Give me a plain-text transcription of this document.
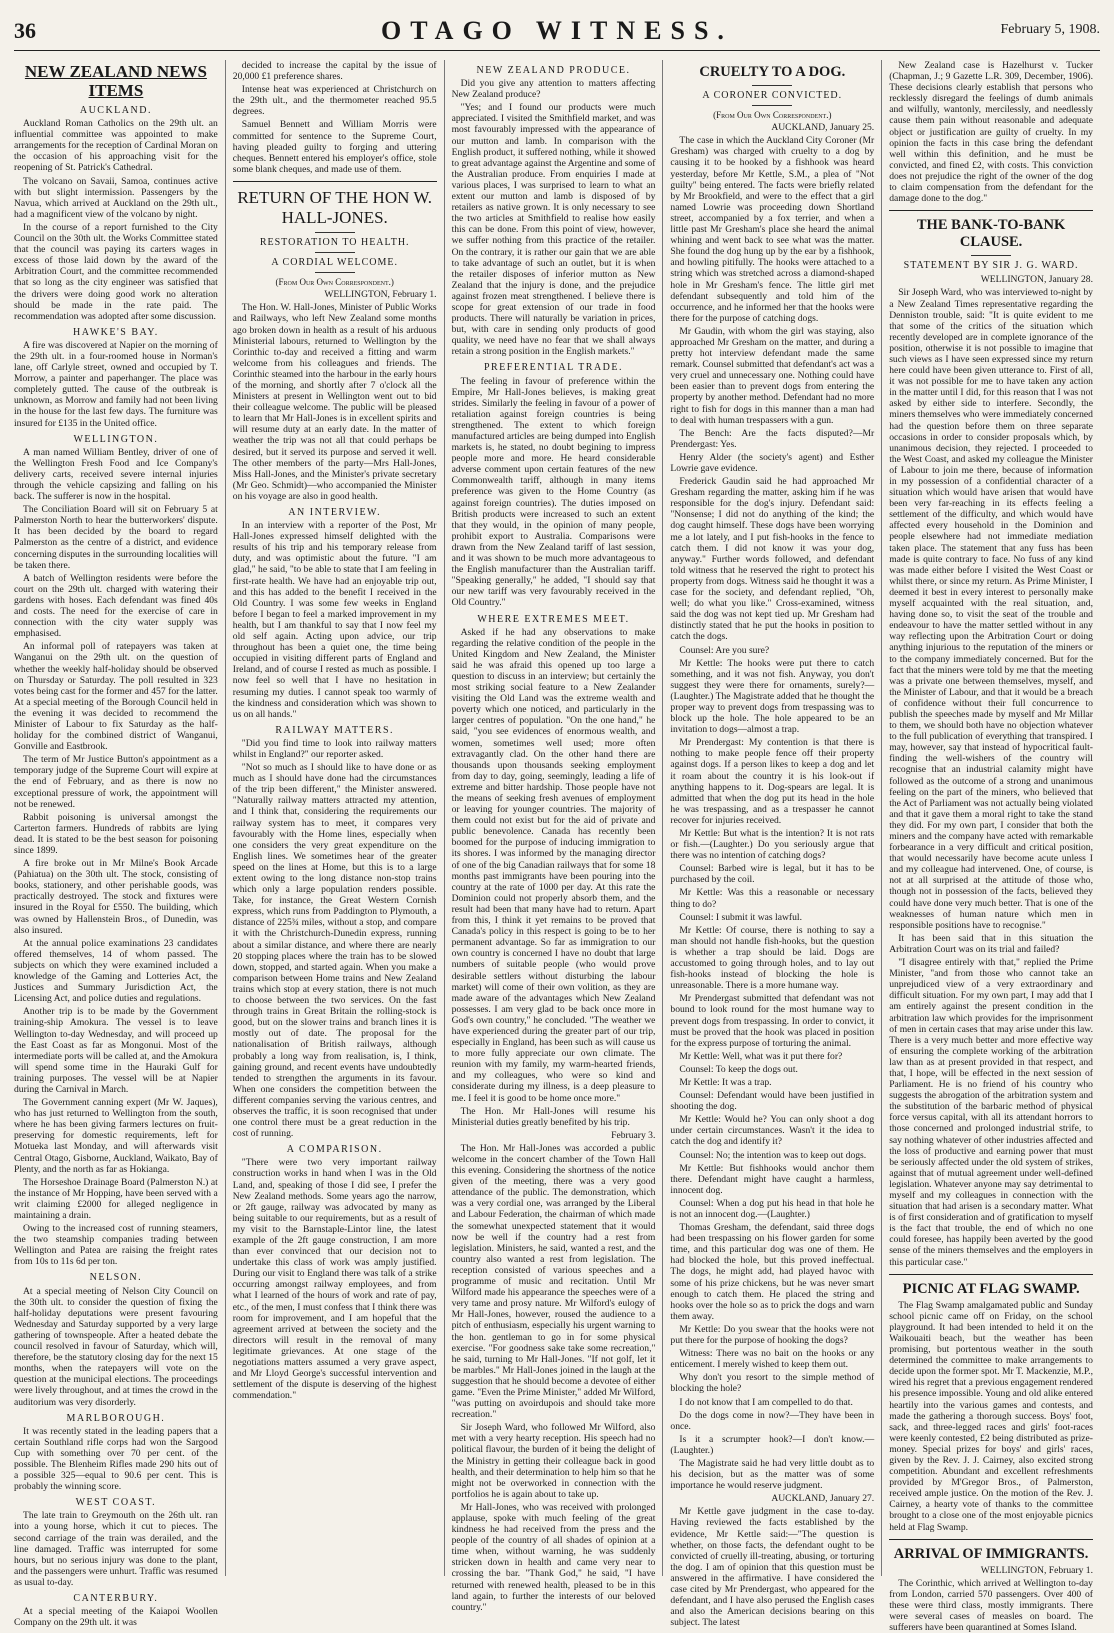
36	OTAGO WITNESS.	February 5, 1908.
NEW ZEALAND NEWS ITEMS
AUCKLAND.

Auckland Roman Catholics on the 29th ult. an influential committee was appointed to make arrangements for the reception of Cardinal Moran on the occasion of his approaching visit for the reopening of St. Patrick's Cathedral.

The volcano on Savaii, Samoa, continues active with but slight intermission. Passengers by the Navua, which arrived at Auckland on the 29th ult., had a magnificent view of the volcano by night.

In the course of a report furnished to the City Council on the 30th ult. the Works Committee stated that the council was paying its carters wages in excess of those laid down by the award of the Arbitration Court, and the committee recommended that so long as the city engineer was satisfied that the drivers were doing good work no alteration should be made in the rate paid. The recommendation was adopted after some discussion.

HAWKE'S BAY.

A fire was discovered at Napier on the morning of the 29th ult. in a four-roomed house in Norman's lane, off Carlyle street, owned and occupied by T. Morrow, a painter and paperhanger. The place was completely gutted. The cause of the outbreak is unknown, as Morrow and family had not been living in the house for the last few days. The furniture was insured for £135 in the United office.

WELLINGTON.

A man named William Bentley, driver of one of the Wellington Fresh Food and Ice Company's delivery carts, received severe internal injuries through the vehicle capsizing and falling on his back. The sufferer is now in the hospital.

The Conciliation Board will sit on February 5 at Palmerston North to hear the butterworkers' dispute. It has been decided by the board to regard Palmerston as the centre of a district, and evidence concerning disputes in the surrounding localities will be taken there.

A batch of Wellington residents were before the court on the 29th ult. charged with watering their gardens with hoses. Each defendant was fined 40s and costs. The need for the exercise of care in connection with the city water supply was emphasised.

An informal poll of ratepayers was taken at Wanganui on the 29th ult. on the question of whether the weekly half-holiday should be observed on Thursday or Saturday. The poll resulted in 323 votes being cast for the former and 457 for the latter. At a special meeting of the Borough Council held in the evening it was decided to recommend the Minister of Labour to fix Saturday as the half-holiday for the combined district of Wanganui, Gonville and Eastbrook.

The term of Mr Justice Button's appointment as a temporary judge of the Supreme Court will expire at the end of February, and as there is now no exceptional pressure of work, the appointment will not be renewed.

Rabbit poisoning is universal amongst the Carterton farmers. Hundreds of rabbits are lying dead. It is stated to be the best season for poisoning since 1899.

A fire broke out in Mr Milne's Book Arcade (Pahiatua) on the 30th ult. The stock, consisting of books, stationery, and other perishable goods, was practically destroyed. The stock and fixtures were insured in the Royal for £550. The building, which was owned by Hallenstein Bros., of Dunedin, was also insured.

At the annual police examinations 23 candidates offered themselves, 14 of whom passed. The subjects on which they were examined included a knowledge of the Gaming and Lotteries Act, the Justices and Summary Jurisdiction Act, the Licensing Act, and police duties and regulations.

Another trip is to be made by the Government training-ship Amokura. The vessel is to leave Wellington to-day Wednesday, and will proceed up the East Coast as far as Mongonui. Most of the intermediate ports will be called at, and the Amokura will spend some time in the Hauraki Gulf for training purposes. The vessel will be at Napier during the Carnival in March.

The Government canning expert (Mr W. Jaques), who has just returned to Wellington from the south, where he has been giving farmers lectures on fruit-preserving for domestic requirements, left for Motueka last Monday, and will afterwards visit Central Otago, Gisborne, Auckland, Waikato, Bay of Plenty, and the north as far as Hokianga.

The Horseshoe Drainage Board (Palmerston N.) at the instance of Mr Hopping, have been served with a writ claiming £2000 for alleged negligence in maintaining a drain.

Owing to the increased cost of running steamers, the two steamship companies trading between Wellington and Patea are raising the freight rates from 10s to 11s 6d per ton.

NELSON.

At a special meeting of Nelson City Council on the 30th ult. to consider the question of fixing the half-holiday deputations were present favouring Wednesday and Saturday supported by a very large gathering of townspeople. After a heated debate the council resolved in favour of Saturday, which will, therefore, be the statutory closing day for the next 15 months, when the ratepayers will vote on the question at the municipal elections. The proceedings were lively throughout, and at times the crowd in the auditorium was very disorderly.

MARLBOROUGH.

It was recently stated in the leading papers that a certain Southland rifle corps had won the Sargood Cup with something over 70 per cent. of the possible. The Blenheim Rifles made 290 hits out of a possible 325—equal to 90.6 per cent. This is probably the winning score.

WEST COAST.

The late train to Greymouth on the 26th ult. ran into a young horse, which it cut to pieces. The second carriage of the train was derailed, and the line damaged. Traffic was interrupted for some hours, but no serious injury was done to the plant, and the passengers were unhurt. Traffic was resumed as usual to-day.

CANTERBURY.

At a special meeting of the Kaiapoi Woollen Company on the 29th ult. it was

decided to increase the capital by the issue of 20,000 £1 preference shares.

Intense heat was experienced at Christchurch on the 29th ult., and the thermometer reached 95.5 degrees.

Samuel Bennett and William Morris were committed for sentence to the Supreme Court, having pleaded guilty to forging and uttering cheques. Bennett entered his employer's office, stole some blank cheques, and made use of them.

RETURN OF THE HON W. HALL-JONES.
RESTORATION TO HEALTH.
A CORDIAL WELCOME.
(From Our Own Correspondent.)
WELLINGTON, February 1.

The Hon. W. Hall-Jones, Minister of Public Works and Railways, who left New Zealand some months ago broken down in health as a result of his arduous Ministerial labours, returned to Wellington by the Corinthic to-day and received a fitting and warm welcome from his colleagues and friends. The Corinthic steamed into the harbour in the early hours of the morning, and shortly after 7 o'clock all the Ministers at present in Wellington went out to bid their colleague welcome. The public will be pleased to learn that Mr Hall-Jones is in excellent spirits and will resume duty at an early date. In the matter of weather the trip was not all that could perhaps be desired, but it served its purpose and served it well. The other members of the party—Mrs Hall-Jones, Miss Hall-Jones, and the Minister's private secretary (Mr Geo. Schmidt)—who accompanied the Minister on his voyage are also in good health.

AN INTERVIEW.

In an interview with a reporter of the Post, Mr Hall-Jones expressed himself delighted with the results of his trip and his temporary release from duty, and was optimistic about the future. "I am glad," he said, "to be able to state that I am feeling in first-rate health. We have had an enjoyable trip out, and this has added to the benefit I received in the Old Country. I was some few weeks in England before I began to feel a marked improvement in my health, but I am thankful to say that I now feel my old self again. Acting upon advice, our trip throughout has been a quiet one, the time being occupied in visiting different parts of England and Ireland, and of course I rested as much as possible. I now feel so well that I have no hesitation in resuming my duties. I cannot speak too warmly of the kindness and consideration which was shown to us on all hands."

RAILWAY MATTERS.

"Did you find time to look into railway matters whilst in England?" our reporter asked.

"Not so much as I should like to have done or as much as I should have done had the circumstances of the trip been different," the Minister answered. "Naturally railway matters attracted my attention, and I think that, considering the requirements our railway system has to meet, it compares very favourably with the Home lines, especially when one considers the very great expenditure on the English lines. We sometimes hear of the greater speed on the lines at Home, but this is to a large extent owing to the long distance non-stop trains which only a large population renders possible. Take, for instance, the Great Western Cornish express, which runs from Paddington to Plymouth, a distance of 225¾ miles, without a stop, and compare it with the Christchurch-Dunedin express, running about a similar distance, and where there are nearly 20 stopping places where the train has to be slowed down, stopped, and started again. When you make a comparison between Home trains and New Zealand trains which stop at every station, there is not much to choose between the two services. On the fast through trains in Great Britain the rolling-stock is good, but on the slower trains and branch lines it is mostly out of date. The proposal for the nationalisation of British railways, although probably a long way from realisation, is, I think, gaining ground, and recent events have undoubtedly tended to strengthen the arguments in its favour. When one considers the competition between the different companies serving the various centres, and observes the traffic, it is soon recognised that under one control there must be a great reduction in the cost of running.

A COMPARISON.

"There were two very important railway construction works in hand when I was in the Old Land, and, speaking of those I did see, I prefer the New Zealand methods. Some years ago the narrow, or 2ft gauge, railway was advocated by many as being suitable to our requirements, but as a result of my visit to the Barnstaple-Lintor line, the latest example of the 2ft gauge construction, I am more than ever convinced that our decision not to undertake this class of work was amply justified. During our visit to England there was talk of a strike occurring amongst railway employees, and from what I learned of the hours of work and rate of pay, etc., of the men, I must confess that I think there was room for improvement, and I am hopeful that the agreement arrived at between the society and the directors will result in the removal of many legitimate grievances. At one stage of the negotiations matters assumed a very grave aspect, and Mr Lloyd George's successful intervention and settlement of the dispute is deserving of the highest commendation."

NEW ZEALAND PRODUCE.

Did you give any attention to matters affecting New Zealand produce?

"Yes; and I found our products were much appreciated. I visited the Smithfield market, and was most favourably impressed with the appearance of our mutton and lamb. In comparison with the English product, it suffered nothing, while it showed to great advantage against the Argentine and some of the Australian produce. From enquiries I made at various places, I was surprised to learn to what an extent our mutton and lamb is disposed of by retailers as native grown. It is only necessary to see the two articles at Smithfield to realise how easily this can be done. From this point of view, however, we suffer nothing from this practice of the retailer. On the contrary, it is rather our gain that we are able to take advantage of such an outlet, but it is when the retailer disposes of inferior mutton as New Zealand that the injury is done, and the prejudice against frozen meat strengthened. I believe there is scope for great extension of our trade in food products. There will naturally be variation in prices, but, with care in sending only products of good quality, we need have no fear that we shall always retain a strong position in the English markets."

PREFERENTIAL TRADE.

The feeling in favour of preference within the Empire, Mr Hall-Jones believes, is making great strides. Similarly the feeling in favour of a power of retaliation against foreign countries is being strengthened. The extent to which foreign manufactured articles are being dumped into English markets is, he stated, no doubt begining to impress people more and more. He heard considerable adverse comment upon certain features of the new Commonwealth tariff, although in many items preference was given to the Home Country (as against foreign countries). The duties imposed on British products were increased to such an extent that they would, in the opinion of many people, prohibit export to Australia. Comparisons were drawn from the New Zealand tariff of last session, and it was shown to be much more advantageous to the English manufacturer than the Australian tariff. "Speaking generally," he added, "I should say that our new tariff was very favourably received in the Old Country."

WHERE EXTREMES MEET.

Asked if he had any observations to make regarding the relative condition of the people in the United Kingdom and New Zealand, the Minister said he was afraid this opened up too large a question to discuss in an interview; but certainly the most striking social feature to a New Zealander visiting the Old Land was the extreme wealth and poverty which one noticed, and particularly in the larger centres of population. "On the one hand," he said, "you see evidences of enormous wealth, and women, sometimes well used; more often extravagantly clad. On the other hand there are thousands upon thousands seeking employment from day to day, going, seemingly, leading a life of extreme and bitter hardship. Those people have not the means of seeking fresh avenues of employment or leaving for younger countries. The majority of them could not exist but for the aid of private and public benevolence. Canada has recently been boomed for the purpose of inducing immigration to its shores. I was informed by the managing director of one of the big Canadian railways that for some 18 months past immigrants have been pouring into the country at the rate of 1000 per day. At this rate the Dominion could not properly absorb them, and the result had been that many have had to return. Apart from this, I think it yet remains to be proved that Canada's policy in this respect is going to be to her permanent advantage. So far as immigration to our own country is concerned I have no doubt that large numbers of suitable people (who would prove desirable settlers without disturbing the labour market) will come of their own volition, as they are made aware of the advantages which New Zealand possesses. I am very glad to be back once more in God's own country," he concluded. "The weather we have experienced during the greater part of our trip, especially in England, has been such as will cause us to more fully appreciate our own climate. The reunion with my family, my warm-hearted friends, and my colleagues, who were so kind and considerate during my illness, is a deep pleasure to me. I feel it is good to be home once more."

The Hon. Mr Hall-Jones will resume his Ministerial duties greatly benefited by his trip.

February 3.

The Hon. Mr Hall-Jones was accorded a public welcome in the concert chamber of the Town Hall this evening. Considering the shortness of the notice given of the meeting, there was a very good attendance of the public. The demonstration, which was a very cordial one, was arranged by the Liberal and Labour Federation, the chairman of which made the somewhat unexpected statement that it would now be well if the country had a rest from legislation. Ministers, he said, wanted a rest, and the country also wanted a rest from legislation. The reception consisted of various speeches and a programme of music and recitation. Until Mr Wilford made his appearance the speeches were of a very tame and prosy nature. Mr Wilford's eulogy of Mr Hall-Jones, however, roused the audience to a pitch of enthusiasm, especially his urgent warning to the hon. gentleman to go in for some physical exercise. "For goodness sake take some recreation," he said, turning to Mr Hall-Jones. "If not golf, let it be marbles." Mr Hall-Jones joined in the laugh at the suggestion that he should become a devotee of either game. "Even the Prime Minister," added Mr Wilford, "was putting on avoirdupois and should take more recreation."

Sir Joseph Ward, who followed Mr Wilford, also met with a very hearty reception. His speech had no political flavour, the burden of it being the delight of the Ministry in getting their colleague back in good health, and their determination to help him so that he might not be overworked in connection with the portfolios he is again about to take up.

Mr Hall-Jones, who was received with prolonged applause, spoke with much feeling of the great kindness he had received from the press and the people of the country of all shades of opinion at a time when, without warning, he was suddenly stricken down in health and came very near to crossing the bar. "Thank God," he said, "I have returned with renewed health, pleased to be in this land again, to further the interests of our beloved country."

CRUELTY TO A DOG.
A CORONER CONVICTED.
(From Our Own Correspondent.)
AUCKLAND, January 25.

The case in which the Auckland City Coroner (Mr Gresham) was charged with cruelty to a dog by causing it to be hooked by a fishhook was heard yesterday, before Mr Kettle, S.M., a plea of "Not guilty" being entered. The facts were briefly related by Mr Brookfield, and were to the effect that a girl named Lowrie was proceeding down Shortland street, accompanied by a fox terrier, and when a little past Mr Gresham's place she heard the animal whining and went back to see what was the matter. She found the dog hung up by the ear by a fishhook, and howling pitifully. The hooks were attached to a string which was stretched across a diamond-shaped hole in Mr Gresham's fence. The little girl met defendant subsequently and told him of the occurrence, and he informed her that the hooks were there for the purpose of catching dogs.

Mr Gaudin, with whom the girl was staying, also approached Mr Gresham on the matter, and during a pretty hot interview defendant made the same remark. Counsel submitted that defendant's act was a very cruel and unnecessary one. Nothing could have been easier than to prevent dogs from entering the property by another method. Defendant had no more right to fish for dogs in this manner than a man had to deal with human trespassers with a gun.

The Bench: Are the facts disputed?—Mr Prendergast: Yes.

Henry Alder (the society's agent) and Esther Lowrie gave evidence.

Frederick Gaudin said he had approached Mr Gresham regarding the matter, asking him if he was responsible for the dog's injury. Defendant said: "Nonsense; I did not do anything of the kind; the dog caught himself. These dogs have been worrying me a lot lately, and I put fish-hooks in the fence to catch them. I did not know it was your dog, anyway." Further words followed, and defendant told witness that he reserved the right to protect his property from dogs. Witness said he thought it was a case for the society, and defendant replied, "Oh, well; do what you like." Cross-examined, witness said the dog was not kept tied up. Mr Gresham had distinctly stated that he put the hooks in position to catch the dogs.

Counsel: Are you sure?

Mr Kettle: The hooks were put there to catch something, and it was not fish. Anyway, you don't suggest they were there for ornaments, surely?—(Laughter.) The Magistrate added that he thought the proper way to prevent dogs from trespassing was to block up the hole. The hole appeared to be an invitation to dogs—almost a trap.

Mr Prendergast: My contention is that there is nothing to make people fence off their property against dogs. If a person likes to keep a dog and let it roam about the country it is his look-out if anything happens to it. Dog-spears are legal. It is admitted that when the dog put its head in the hole he was trespassing, and as a trespasser he cannot recover for injuries received.

Mr Kettle: But what is the intention? It is not rats or fish.—(Laughter.) Do you seriously argue that there was no intention of catching dogs?

Counsel: Barbed wire is legal, but it has to be purchased by the coil.

Mr Kettle: Was this a reasonable or necessary thing to do?

Counsel: I submit it was lawful.

Mr Kettle: Of course, there is nothing to say a man should not handle fish-hooks, but the question is whether a trap should be laid. Dogs are accustomed to going through holes, and to lay out fish-hooks instead of blocking the hole is unreasonable. There is a more humane way.

Mr Prendergast submitted that defendant was not bound to look round for the most humane way to prevent dogs from trespassing. In order to convict, it must be proved that the hook was placed in position for the express purpose of torturing the animal.

Mr Kettle: Well, what was it put there for?

Counsel: To keep the dogs out.

Mr Kettle: It was a trap.

Counsel: Defendant would have been justified in shooting the dog.

Mr Kettle: Would he? You can only shoot a dog under certain circumstances. Wasn't it the idea to catch the dog and identify it?

Counsel: No; the intention was to keep out dogs.

Mr Kettle: But fishhooks would anchor them there. Defendant might have caught a harmless, innocent dog.

Counsel: When a dog put his head in that hole he is not an innocent dog.—(Laughter.)

Thomas Gresham, the defendant, said three dogs had been trespassing on his flower garden for some time, and this particular dog was one of them. He had blocked the hole, but this proved ineffectual. The dogs, he might add, had played havoc with some of his prize chickens, but he was never smart enough to catch them. He placed the string and hooks over the hole so as to prick the dogs and warn them away.

Mr Kettle: Do you swear that the hooks were not put there for the purpose of hooking the dogs?

Witness: There was no bait on the hooks or any enticement. I merely wished to keep them out.

Why don't you resort to the simple method of blocking the hole?

I do not know that I am compelled to do that.

Do the dogs come in now?—They have been in once.

Is it a scrumpter hook?—I don't know.—(Laughter.)

The Magistrate said he had very little doubt as to his decision, but as the matter was of some importance he would reserve judgment.

AUCKLAND, January 27.

Mr Kettle gave judgment in the case to-day. Having reviewed the facts established by the evidence, Mr Kettle said:—"The question is whether, on those facts, the defendant ought to be convicted of cruelly ill-treating, abusing, or torturing the dog. I am of opinion that this question must be answered in the affirmative. I have considered the case cited by Mr Prendergast, who appeared for the defendant, and I have also perused the English cases and also the American decisions bearing on this subject. The latest

New Zealand case is Hazelhurst v. Tucker (Chapman, J.; 9 Gazette L.R. 309, December, 1906). These decisions clearly establish that persons who recklessly disregard the feelings of dumb animals and wilfully, wantonly, mercilessly, and needlessly cause them pain without reasonable and adequate object or justification are guilty of cruelty. In my opinion the facts in this case bring the defendant well within this definition, and he must be convicted, and fined £2, with costs. This conviction does not prejudice the right of the owner of the dog to claim compensation from the defendant for the damage done to the dog."

THE BANK-TO-BANK CLAUSE.
STATEMENT BY SIR J. G. WARD.
WELLINGTON, January 28.

Sir Joseph Ward, who was interviewed to-night by a New Zealand Times representative regarding the Denniston trouble, said: "It is quite evident to me that some of the critics of the situation which recently developed are in complete ignorance of the position, otherwise it is not possible to imagine that such views as I have seen expressed since my return here could have been given utterance to. First of all, it was not possible for me to have taken any action in the matter until I did, for this reason that I was not asked by either side to interfere. Secondly, the miners themselves who were immediately concerned had the question before them on three separate occasions in order to consider proposals which, by unanimous decision, they rejected. I proceeded to the West Coast, and asked my colleague the Minister of Labour to join me there, because of information in my possession of a confidential character of a situation which would have arisen that would have been very far-reaching in its effects feeling a settlement of the difficulty, and which would have affected every household in the Dominion and people elsewhere had not immediate mediation taken place. The statement that any fuss has been made is quite contrary to face. No fuss of any kind was made either before I visited the West Coast or whilst there, or since my return. As Prime Minister, I deemed it best in every interest to personally make myself acquainted with the real situation, and, having done so, to visit the seat of the trouble and endeavour to have the matter settled without in any way reflecting upon the Arbitration Court or doing anything injurious to the reputation of the miners or to the company immediately concerned. But for the fact that the miners were told by me that the meeting was a private one between themselves, myself, and the Minister of Labour, and that it would be a breach of confidence without their full concurrence to publish the speeches made by myself and Mr Millar to them, we should both have no objection whatever to the full publication of everything that transpired. I may, however, say that instead of hypocritical fault-finding the well-wishers of the country will recognise that an industrial calamity might have followed as the outcome of a strong and unanimous feeling on the part of the miners, who believed that the Act of Parliament was not actually being violated and that it gave them a moral right to take the stand they did. For my own part, I consider that both the miners and the company have acted with remarkable forbearance in a very difficult and critical position, that would necessarily have become acute unless I and my colleague had intervened. One, of course, is not at all surprised at the attitude of those who, though not in possession of the facts, believed they could have done very much better. That is one of the weaknesses of human nature which men in responsible positions have to recognise."

It has been said that in this situation the Arbitration Court was on its trial and failed?

"I disagree entirely with that," replied the Prime Minister, "and from those who cannot take an unprejudiced view of a very extraordinary and difficult situation. For my own part, I may add that I am entirely against the present condition in the arbitration law which provides for the imprisonment of men in certain cases that may arise under this law. There is a very much better and more effective way of ensuring the complete working of the arbitration law than as at present provided in that respect, and that, I hope, will be effected in the next session of Parliament. He is no friend of his country who suggests the abrogation of the arbitration system and the substitution of the barbaric method of physical force versus capital, with all its attendant horrors to those concerned and prolonged industrial strife, to say nothing whatever of other industries affected and the loss of productive and earning power that must be seriously affected under the old system of strikes, against that of mutual agreement under well-defined legislation. Whatever anyone may say detrimental to myself and my colleagues in connection with the situation that had arisen is a secondary matter. What is of first consideration and of gratification to myself is the fact that trouble, the end of which no one could foresee, has happily been averted by the good sense of the miners themselves and the employers in this particular case."

PICNIC AT FLAG SWAMP.

The Flag Swamp amalgamated public and Sunday school picnic came off on Friday, on the school playground. It had been intended to held it on the Waikouaiti beach, but the weather has been promising, but portentous weather in the south determined the committee to make arrangements to decide upon the former spot. Mr T. Mackenzie, M.P., wired his regret that a previous engagement rendered his presence impossible. Young and old alike entered heartily into the various games and contests, and made the gathering a thorough success. Boys' foot, sack, and three-legged races and girls' foot-races were keenly contested, £2 being distributed as prize-money. Special prizes for boys' and girls' races, given by the Rev. J. J. Cairney, also excited strong competition. Abundant and excellent refreshments provided by M'Gregor Bros., of Palmerston, received ample justice. On the motion of the Rev. J. Cairney, a hearty vote of thanks to the committee brought to a close one of the most enjoyable picnics held at Flag Swamp.

ARRIVAL OF IMMIGRANTS.
WELLINGTON, February 1.

The Corinthic, which arrived at Wellington to-day from London, carried 570 passengers. Over 400 of these were third class, mostly immigrants. There were several cases of measles on board. The sufferers have been quarantined at Somes Island.
